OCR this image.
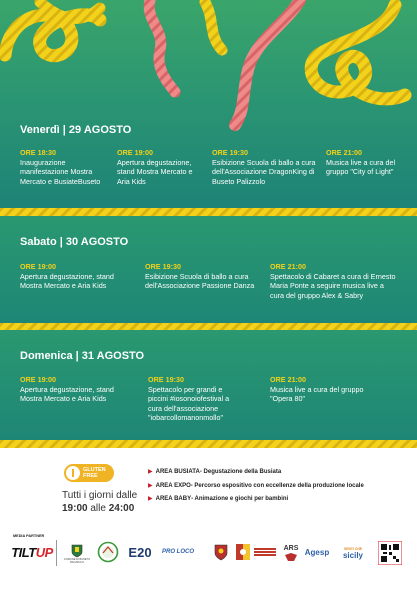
Venerdì | 29 AGOSTO
ORE 18:30
Inaugurazione manifestazione Mostra Mercato e BusiateBuseto
ORE 19:00
Apertura degustazione, stand Mostra Mercato e Aria Kids
ORE 19:30
Esibizione Scuola di ballo a cura dell'Associazione DragonKing di Buseto Palizzolo
ORE 21:00
Musica live a cura del gruppo "City of Light"
Sabato | 30 AGOSTO
ORE 19:00
Apertura degustazione, stand Mostra Mercato e Aria Kids
ORE 19:30
Esibizione Scuola di ballo a cura dell'Associazione Passione Danza
ORE 21:00
Spettacolo di Cabaret a cura di Ernesto Maria Ponte a seguire musica live a cura del gruppo Alex & Sabry
Domenica | 31 AGOSTO
ORE 19:00
Apertura degustazione, stand Mostra Mercato e Aria Kids
ORE 19:30
Spettacolo per grandi e piccini #iosonoiofestival a cura dell'associazione "iobarcollomanonmollo"
ORE 21:00
Musica live a cura del gruppo "Opera 80"
GLUTEN
FREE
Tutti i giorni dalle
19:00 alle 24:00
▶ AREA BUSIATA - Degustazione della Busiata
▶ AREA EXPO - Percorso espositivo con eccellenze della produzione locale
▶ AREA BABY - Animazione e giochi per bambini
MEDIA PARTNER
TILTUP	COMUNE DI BUSETO PALIZZOLO
E20 PRO LOCO
ARS Agesp	SENTI CHE
sicily
